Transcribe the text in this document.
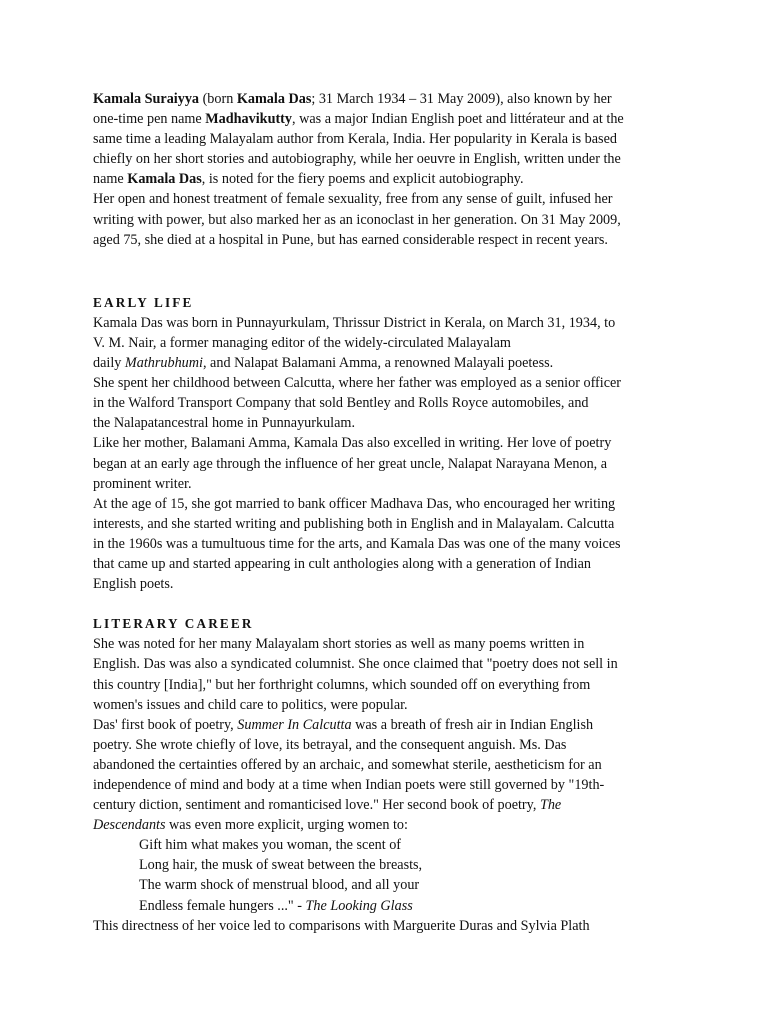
Kamala Suraiyya (born Kamala Das; 31 March 1934 – 31 May 2009), also known by her
one-time pen name Madhavikutty, was a major Indian English poet and littérateur and at the
same time a leading Malayalam author from Kerala, India. Her popularity in Kerala is based
chiefly on her short stories and autobiography, while her oeuvre in English, written under the
name Kamala Das, is noted for the fiery poems and explicit autobiography.
Her open and honest treatment of female sexuality, free from any sense of guilt, infused her
writing with power, but also marked her as an iconoclast in her generation. On 31 May 2009,
aged 75, she died at a hospital in Pune, but has earned considerable respect in recent years.
EARLY LIFE
Kamala Das was born in Punnayurkulam, Thrissur District in Kerala, on March 31, 1934, to
V. M. Nair, a former managing editor of the widely-circulated Malayalam
daily Mathrubhumi, and Nalapat Balamani Amma, a renowned Malayali poetess.
She spent her childhood between Calcutta, where her father was employed as a senior officer
in the Walford Transport Company that sold Bentley and Rolls Royce automobiles, and
the Nalapatancestral home in Punnayurkulam.
Like her mother, Balamani Amma, Kamala Das also excelled in writing. Her love of poetry
began at an early age through the influence of her great uncle, Nalapat Narayana Menon, a
prominent writer.
At the age of 15, she got married to bank officer Madhava Das, who encouraged her writing
interests, and she started writing and publishing both in English and in Malayalam. Calcutta
in the 1960s was a tumultuous time for the arts, and Kamala Das was one of the many voices
that came up and started appearing in cult anthologies along with a generation of Indian
English poets.
LITERARY CAREER
She was noted for her many Malayalam short stories as well as many poems written in
English. Das was also a syndicated columnist. She once claimed that "poetry does not sell in
this country [India]," but her forthright columns, which sounded off on everything from
women's issues and child care to politics, were popular.
Das' first book of poetry, Summer In Calcutta was a breath of fresh air in Indian English
poetry. She wrote chiefly of love, its betrayal, and the consequent anguish. Ms. Das
abandoned the certainties offered by an archaic, and somewhat sterile, aestheticism for an
independence of mind and body at a time when Indian poets were still governed by "19th-
century diction, sentiment and romanticised love." Her second book of poetry, The
Descendants was even more explicit, urging women to:
Gift him what makes you woman, the scent of
Long hair, the musk of sweat between the breasts,
The warm shock of menstrual blood, and all your
Endless female hungers ..." - The Looking Glass
This directness of her voice led to comparisons with Marguerite Duras and Sylvia Plath
